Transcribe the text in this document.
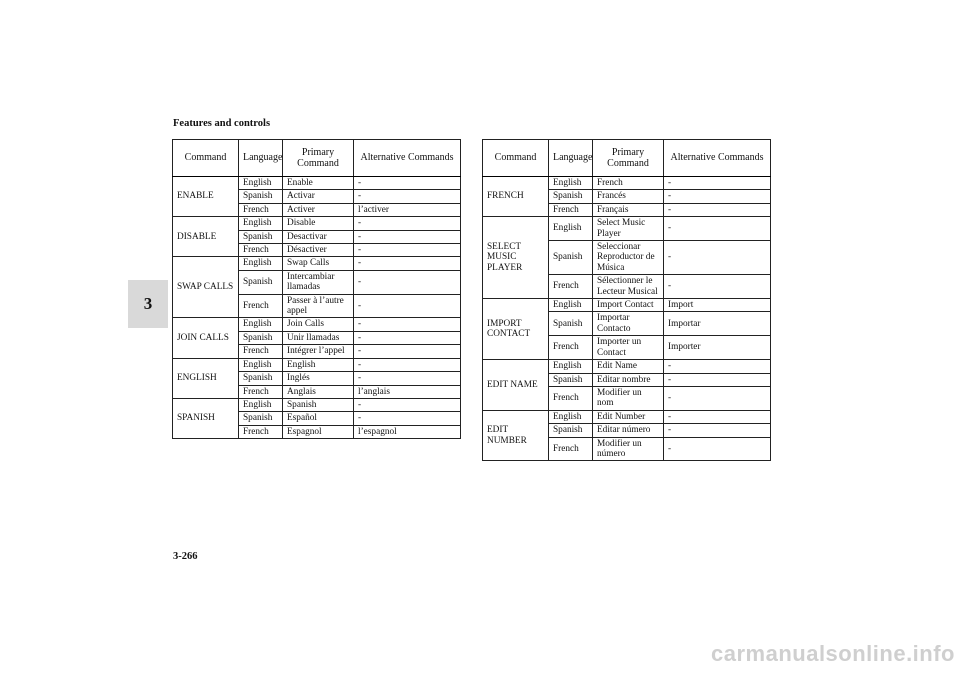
Features and controls
3
Command	Language	Primary Command	Alternative Commands
ENABLE	English	Enable	-
	Spanish	Activar	-
	French	Activer	l’activer
DISABLE	English	Disable	-
	Spanish	Desactivar	-
	French	Désactiver	-
SWAP CALLS	English	Swap Calls	-
	Spanish	Intercambiar llamadas	-
	French	Passer à l’autre appel	-
JOIN CALLS	English	Join Calls	-
	Spanish	Unir llamadas	-
	French	Intégrer l’appel	-
ENGLISH	English	English	-
	Spanish	Inglés	-
	French	Anglais	l’anglais
SPANISH	English	Spanish	-
	Spanish	Español	-
	French	Espagnol	l’espagnol
Command	Language	Primary Command	Alternative Commands
FRENCH	English	French	-
	Spanish	Francés	-
	French	Français	-
SELECT MUSIC PLAYER	English	Select Music Player	-
	Spanish	Seleccionar Reproductor de Música	-
	French	Sélectionner le Lecteur Musical	-
IMPORT CONTACT	English	Import Contact	Import
	Spanish	Importar Contacto	Importar
	French	Importer un Contact	Importer
EDIT NAME	English	Edit Name	-
	Spanish	Editar nombre	-
	French	Modifier un nom	-
EDIT NUMBER	English	Edit Number	-
	Spanish	Editar número	-
	French	Modifier un número	-
3-266
carmanualsonline.info
